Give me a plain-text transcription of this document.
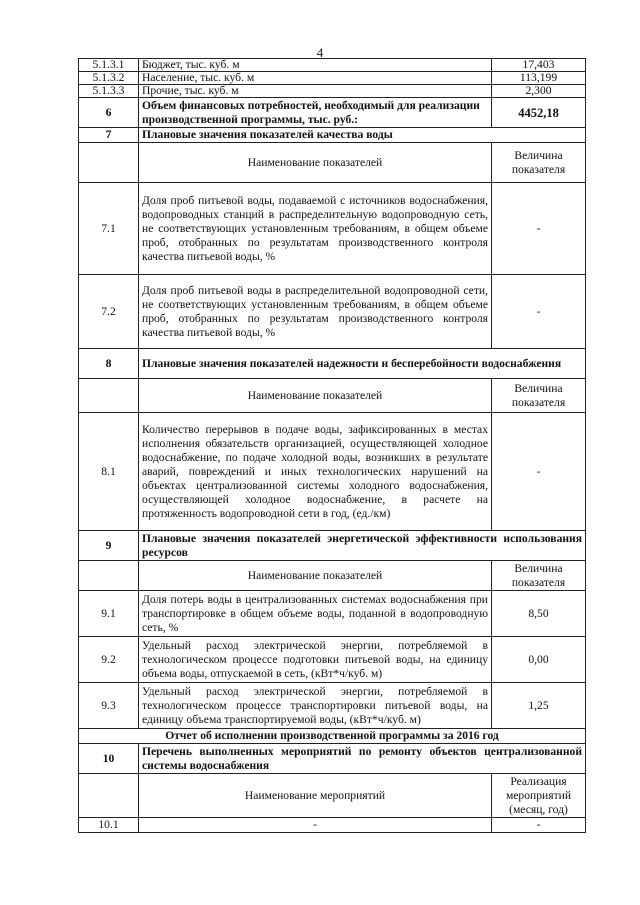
4
5.1.3.1	Бюджет, тыс. куб. м	17,403
5.1.3.2	Население, тыс. куб. м	113,199
5.1.3.3	Прочие, тыс. куб. м	2,300
6	Объем финансовых потребностей, необходимый для реализации производственной программы, тыс. руб.:	4452,18
7	Плановые значения показателей качества воды	
	Наименование показателей	Величина показателя
7.1	Доля проб питьевой воды, подаваемой с источников водоснабжения, водопроводных станций в распределительную водопроводную сеть, не соответствующих установленным требованиям, в общем объеме проб, отобранных по результатам производственного контроля качества питьевой воды, %	-
7.2	Доля проб питьевой воды в распределительной водопроводной сети, не соответствующих установленным требованиям, в общем объеме проб, отобранных по результатам производственного контроля качества питьевой воды, %	-
8	Плановые значения показателей надежности и бесперебойности водоснабжения	
	Наименование показателей	Величина показателя
8.1	Количество перерывов в подаче воды, зафиксированных в местах исполнения обязательств организацией, осуществляющей холодное водоснабжение, по подаче холодной воды, возникших в результате аварий, повреждений и иных технологических нарушений на объектах централизованной системы холодного водоснабжения, осуществляющей холодное водоснабжение, в расчете на протяженность водопроводной сети в год, (ед./км)	-
9	Плановые значения показателей энергетической эффективности использования ресурсов	
	Наименование показателей	Величина показателя
9.1	Доля потерь воды в централизованных системах водоснабжения при транспортировке в общем объеме воды, поданной в водопроводную сеть, %	8,50
9.2	Удельный расход электрической энергии, потребляемой в технологическом процессе подготовки питьевой воды, на единицу объема воды, отпускаемой в сеть, (кВт*ч/куб. м)	0,00
9.3	Удельный расход электрической энергии, потребляемой в технологическом процессе транспортировки питьевой воды, на единицу объема транспортируемой воды, (кВт*ч/куб. м)	1,25
Отчет об исполнении производственной программы за 2016 год		
10	Перечень выполненных мероприятий по ремонту объектов централизованной системы водоснабжения	
	Наименование мероприятий	Реализация мероприятий (месяц, год)
10.1	-	-
